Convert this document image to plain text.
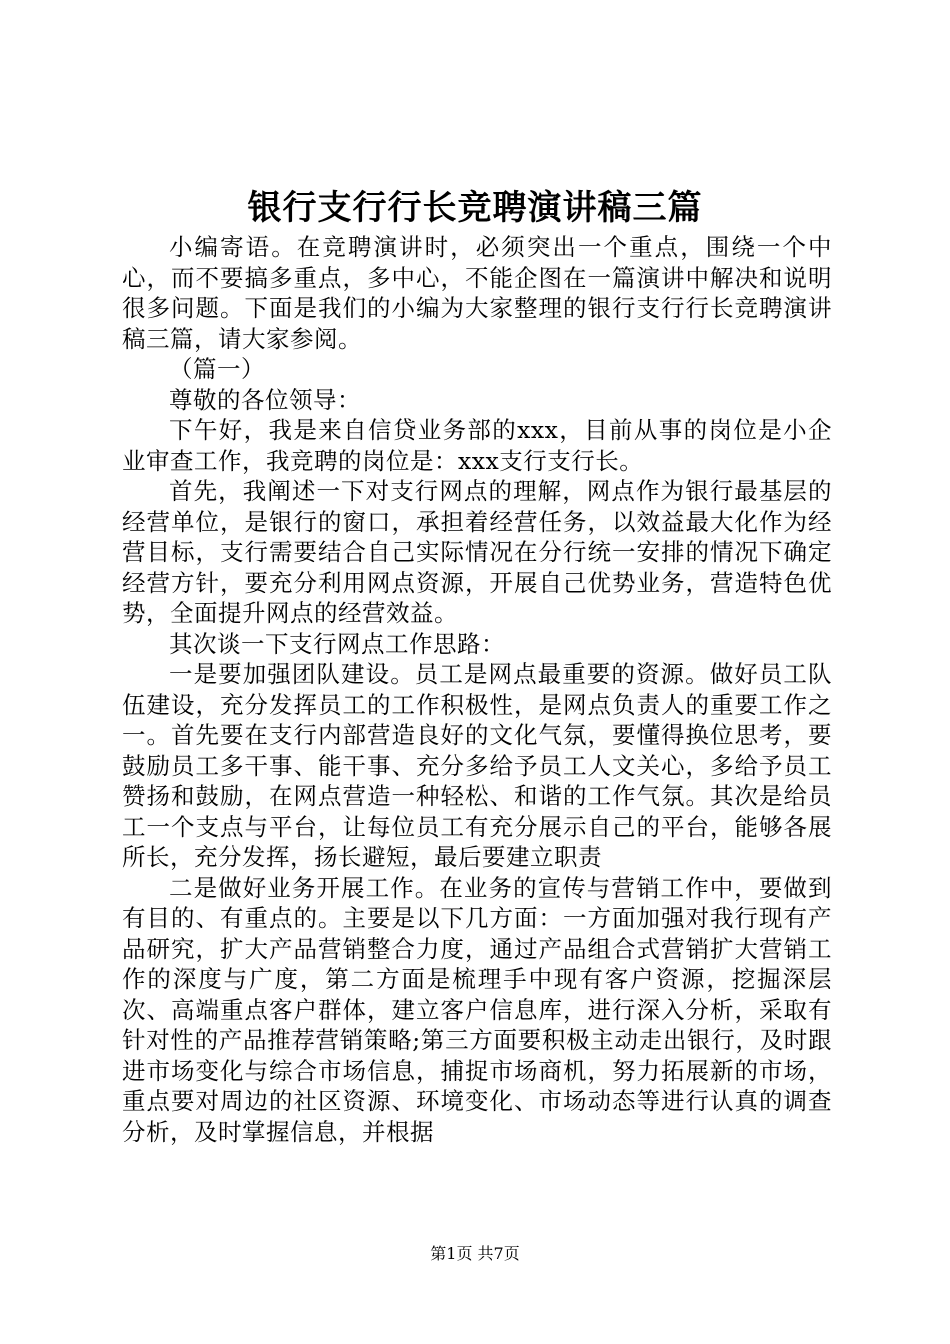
银行支行行长竞聘演讲稿三篇

小编寄语。在竞聘演讲时，必须突出一个重点，围绕一个中心，而不要搞多重点，多中心，不能企图在一篇演讲中解决和说明很多问题。下面是我们的小编为大家整理的银行支行行长竞聘演讲稿三篇，请大家参阅。

（篇一）

尊敬的各位领导：

下午好，我是来自信贷业务部的xxx，目前从事的岗位是小企业审查工作，我竞聘的岗位是：xxx支行支行长。

首先，我阐述一下对支行网点的理解，网点作为银行最基层的经营单位，是银行的窗口，承担着经营任务，以效益最大化作为经营目标，支行需要结合自己实际情况在分行统一安排的情况下确定经营方针，要充分利用网点资源，开展自己优势业务，营造特色优势，全面提升网点的经营效益。

其次谈一下支行网点工作思路：

一是要加强团队建设。员工是网点最重要的资源。做好员工队伍建设，充分发挥员工的工作积极性，是网点负责人的重要工作之一。首先要在支行内部营造良好的文化气氛，要懂得换位思考，要鼓励员工多干事、能干事、充分多给予员工人文关心，多给予员工赞扬和鼓励，在网点营造一种轻松、和谐的工作气氛。其次是给员工一个支点与平台，让每位员工有充分展示自己的平台，能够各展所长，充分发挥，扬长避短，最后要建立职责

二是做好业务开展工作。在业务的宣传与营销工作中，要做到有目的、有重点的。主要是以下几方面：一方面加强对我行现有产品研究，扩大产品营销整合力度，通过产品组合式营销扩大营销工作的深度与广度，第二方面是梳理手中现有客户资源，挖掘深层次、高端重点客户群体，建立客户信息库，进行深入分析，采取有针对性的产品推荐营销策略;第三方面要积极主动走出银行，及时跟进市场变化与综合市场信息，捕捉市场商机，努力拓展新的市场，重点要对周边的社区资源、环境变化、市场动态等进行认真的调查分析，及时掌握信息，并根据

第1页 共7页
